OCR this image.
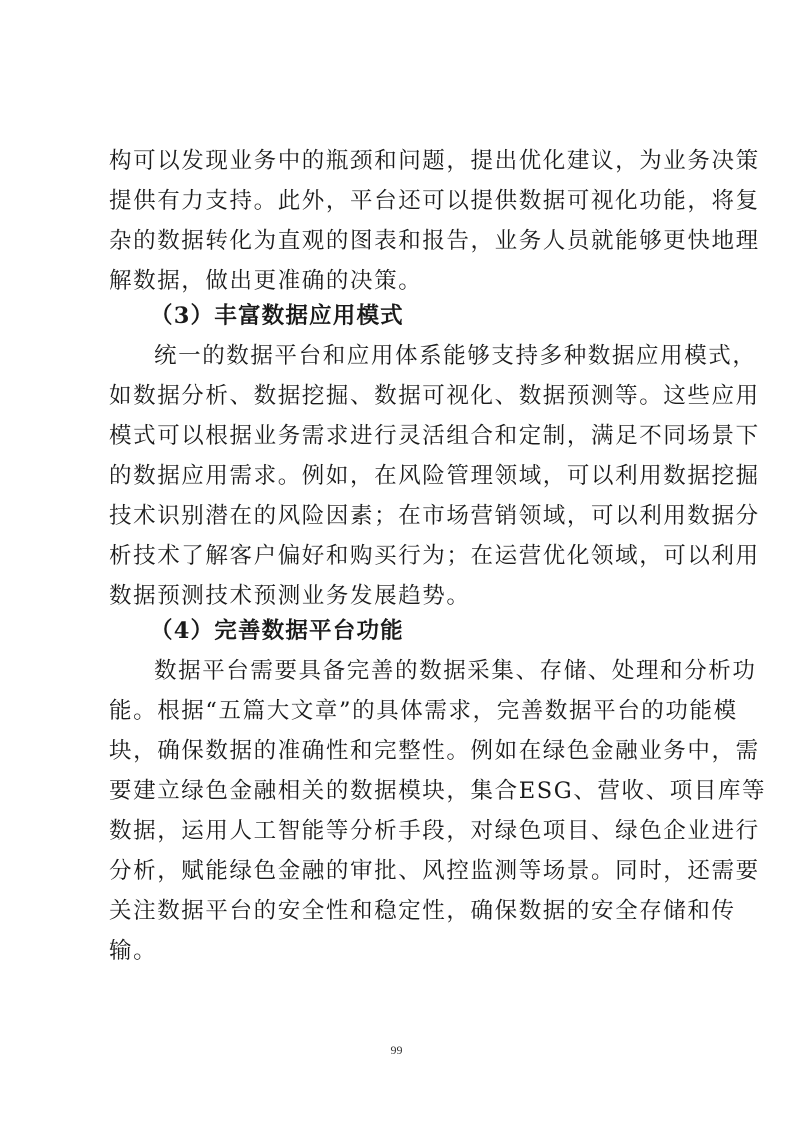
构可以发现业务中的瓶颈和问题，提出优化建议，为业务决策
提供有力支持。此外，平台还可以提供数据可视化功能，将复
杂的数据转化为直观的图表和报告，业务人员就能够更快地理
解数据，做出更准确的决策。
（3）丰富数据应用模式
统一的数据平台和应用体系能够支持多种数据应用模式，
如数据分析、数据挖掘、数据可视化、数据预测等。这些应用
模式可以根据业务需求进行灵活组合和定制，满足不同场景下
的数据应用需求。例如，在风险管理领域，可以利用数据挖掘
技术识别潜在的风险因素；在市场营销领域，可以利用数据分
析技术了解客户偏好和购买行为；在运营优化领域，可以利用
数据预测技术预测业务发展趋势。
（4）完善数据平台功能
数据平台需要具备完善的数据采集、存储、处理和分析功
能。根据“五篇大文章”的具体需求，完善数据平台的功能模
块，确保数据的准确性和完整性。例如在绿色金融业务中，需
要建立绿色金融相关的数据模块，集合ESG、营收、项目库等
数据，运用人工智能等分析手段，对绿色项目、绿色企业进行
分析，赋能绿色金融的审批、风控监测等场景。同时，还需要
关注数据平台的安全性和稳定性，确保数据的安全存储和传
输。
99
